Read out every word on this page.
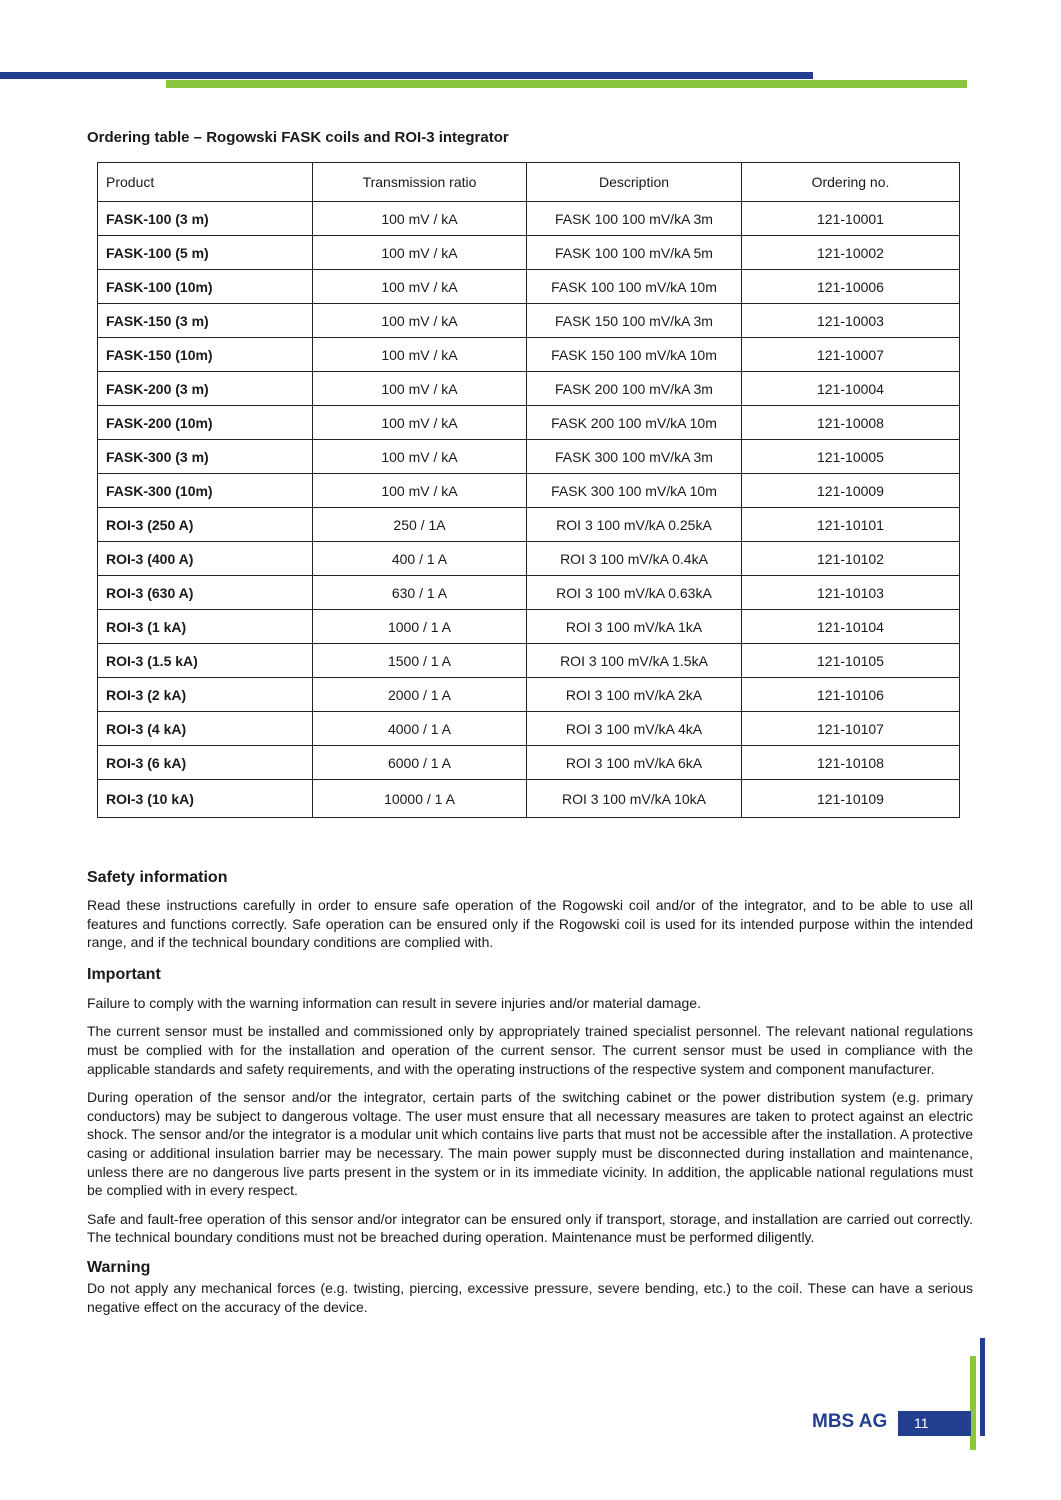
Ordering table – Rogowski FASK coils and ROI-3 integrator
Product	Transmission ratio	Description	Ordering no.
FASK-100 (3 m)	100 mV / kA	FASK 100 100 mV/kA 3m	121-10001
FASK-100 (5 m)	100 mV / kA	FASK 100 100 mV/kA 5m	121-10002
FASK-100 (10m)	100 mV / kA	FASK 100 100 mV/kA 10m	121-10006
FASK-150 (3 m)	100 mV / kA	FASK 150 100 mV/kA 3m	121-10003
FASK-150 (10m)	100 mV / kA	FASK 150 100 mV/kA 10m	121-10007
FASK-200 (3 m)	100 mV / kA	FASK 200 100 mV/kA 3m	121-10004
FASK-200 (10m)	100 mV / kA	FASK 200 100 mV/kA 10m	121-10008
FASK-300 (3 m)	100 mV / kA	FASK 300 100 mV/kA 3m	121-10005
FASK-300 (10m)	100 mV / kA	FASK 300 100 mV/kA 10m	121-10009
ROI-3 (250 A)	250 / 1A	ROI 3 100 mV/kA 0.25kA	121-10101
ROI-3 (400 A)	400 / 1 A	ROI 3 100 mV/kA 0.4kA	121-10102
ROI-3 (630 A)	630 / 1 A	ROI 3 100 mV/kA 0.63kA	121-10103
ROI-3 (1 kA)	1000 / 1 A	ROI 3 100 mV/kA 1kA	121-10104
ROI-3 (1.5 kA)	1500 / 1 A	ROI 3 100 mV/kA 1.5kA	121-10105
ROI-3 (2 kA)	2000 / 1 A	ROI 3 100 mV/kA 2kA	121-10106
ROI-3 (4 kA)	4000 / 1 A	ROI 3 100 mV/kA 4kA	121-10107
ROI-3 (6 kA)	6000 / 1 A	ROI 3 100 mV/kA 6kA	121-10108
ROI-3 (10 kA)	10000 / 1 A	ROI 3 100 mV/kA 10kA	121-10109
Safety information

Read these instructions carefully in order to ensure safe operation of the Rogowski coil and/or of the integrator, and to be able to use all features and functions correctly. Safe operation can be ensured only if the Rogowski coil is used for its intended purpose within the intended range, and if the technical boundary conditions are complied with.

Important

Failure to comply with the warning information can result in severe injuries and/or material damage.

The current sensor must be installed and commissioned only by appropriately trained specialist personnel. The relevant national regulations must be complied with for the installation and operation of the current sensor. The current sensor must be used in compliance with the applicable standards and safety requirements, and with the operating instructions of the respective system and component manufacturer.

During operation of the sensor and/or the integrator, certain parts of the switching cabinet or the power distribution system (e.g. primary conductors) may be subject to dangerous voltage. The user must ensure that all necessary measures are taken to protect against an electric shock. The sensor and/or the integrator is a modular unit which contains live parts that must not be accessible after the installation. A protective casing or additional insulation barrier may be necessary. The main power supply must be disconnected during installation and maintenance, unless there are no dangerous live parts present in the system or in its immediate vicinity. In addition, the applicable national regulations must be complied with in every respect.

Safe and fault-free operation of this sensor and/or integrator can be ensured only if transport, storage, and installation are carried out correctly. The technical boundary conditions must not be breached during operation. Maintenance must be performed diligently.

Warning

Do not apply any mechanical forces (e.g. twisting, piercing, excessive pressure, severe bending, etc.) to the coil. These can have a serious negative effect on the accuracy of the device.

MBS AG	11
